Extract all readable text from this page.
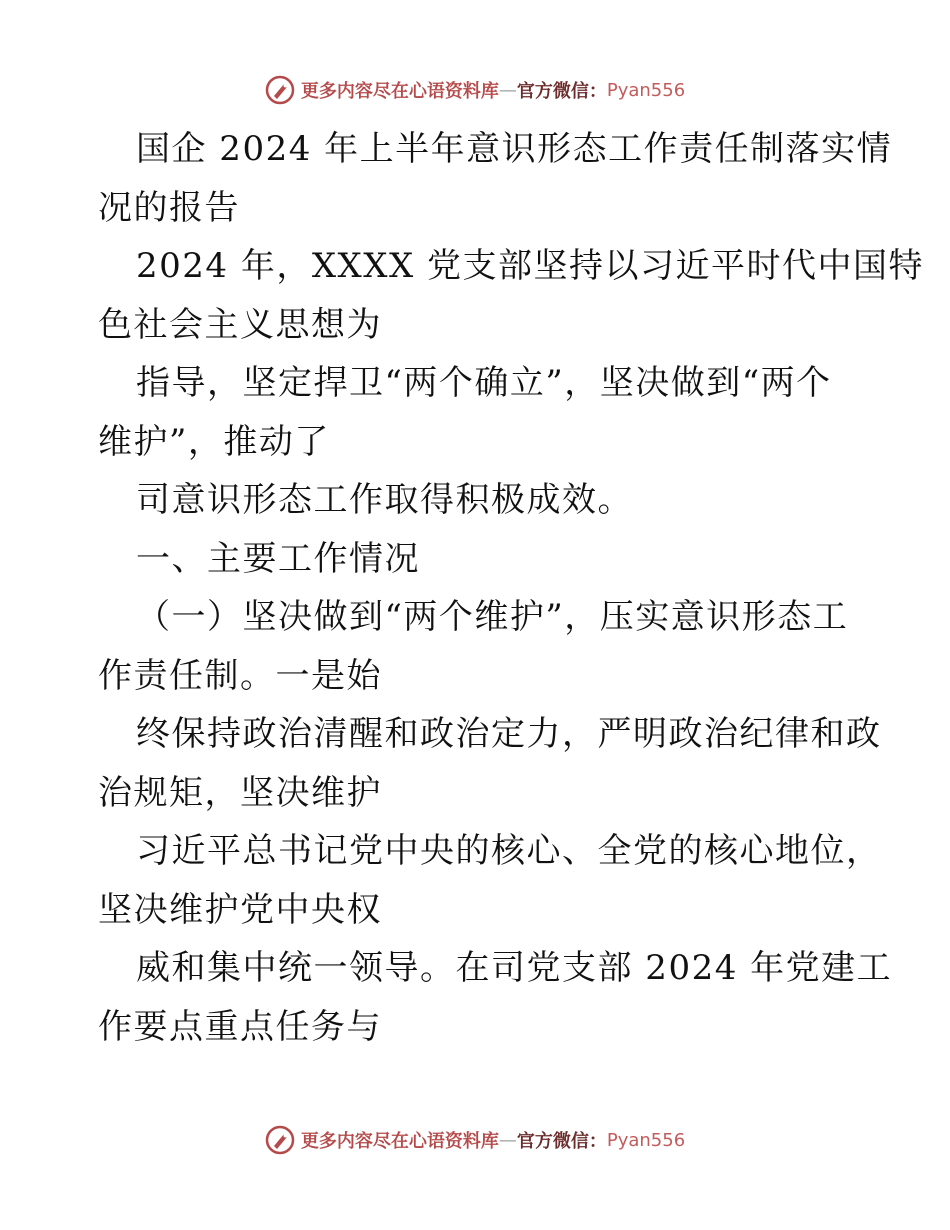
更多内容尽在心语资料库 — 官方微信： Pyan556
国企 2024 年上半年意识形态工作责任制落实情
况的报告
2024 年，XXXX 党支部坚持以习近平时代中国特
色社会主义思想为
指导，坚定捍卫“两个确立”，坚决做到“两个
维护”，推动了
司意识形态工作取得积极成效。
一、主要工作情况
（一）坚决做到“两个维护”，压实意识形态工
作责任制。一是始
终保持政治清醒和政治定力，严明政治纪律和政
治规矩，坚决维护
习近平总书记党中央的核心、全党的核心地位，
坚决维护党中央权
威和集中统一领导。在司党支部 2024 年党建工
作要点重点任务与
更多内容尽在心语资料库 — 官方微信： Pyan556
